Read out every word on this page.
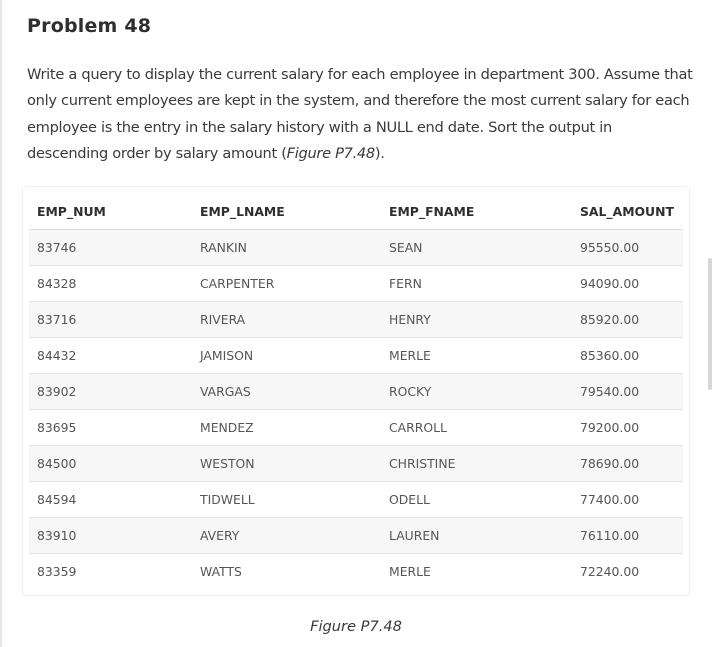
Problem 48

Write a query to display the current salary for each employee in department 300. Assume that only current employees are kept in the system, and therefore the most current salary for each employee is the entry in the salary history with a NULL end date. Sort the output in descending order by salary amount (Figure P7.48).

EMP_NUM	EMP_LNAME	EMP_FNAME	SAL_AMOUNT
83746	RANKIN	SEAN	95550.00
84328	CARPENTER	FERN	94090.00
83716	RIVERA	HENRY	85920.00
84432	JAMISON	MERLE	85360.00
83902	VARGAS	ROCKY	79540.00
83695	MENDEZ	CARROLL	79200.00
84500	WESTON	CHRISTINE	78690.00
84594	TIDWELL	ODELL	77400.00
83910	AVERY	LAUREN	76110.00
83359	WATTS	MERLE	72240.00

Figure P7.48
